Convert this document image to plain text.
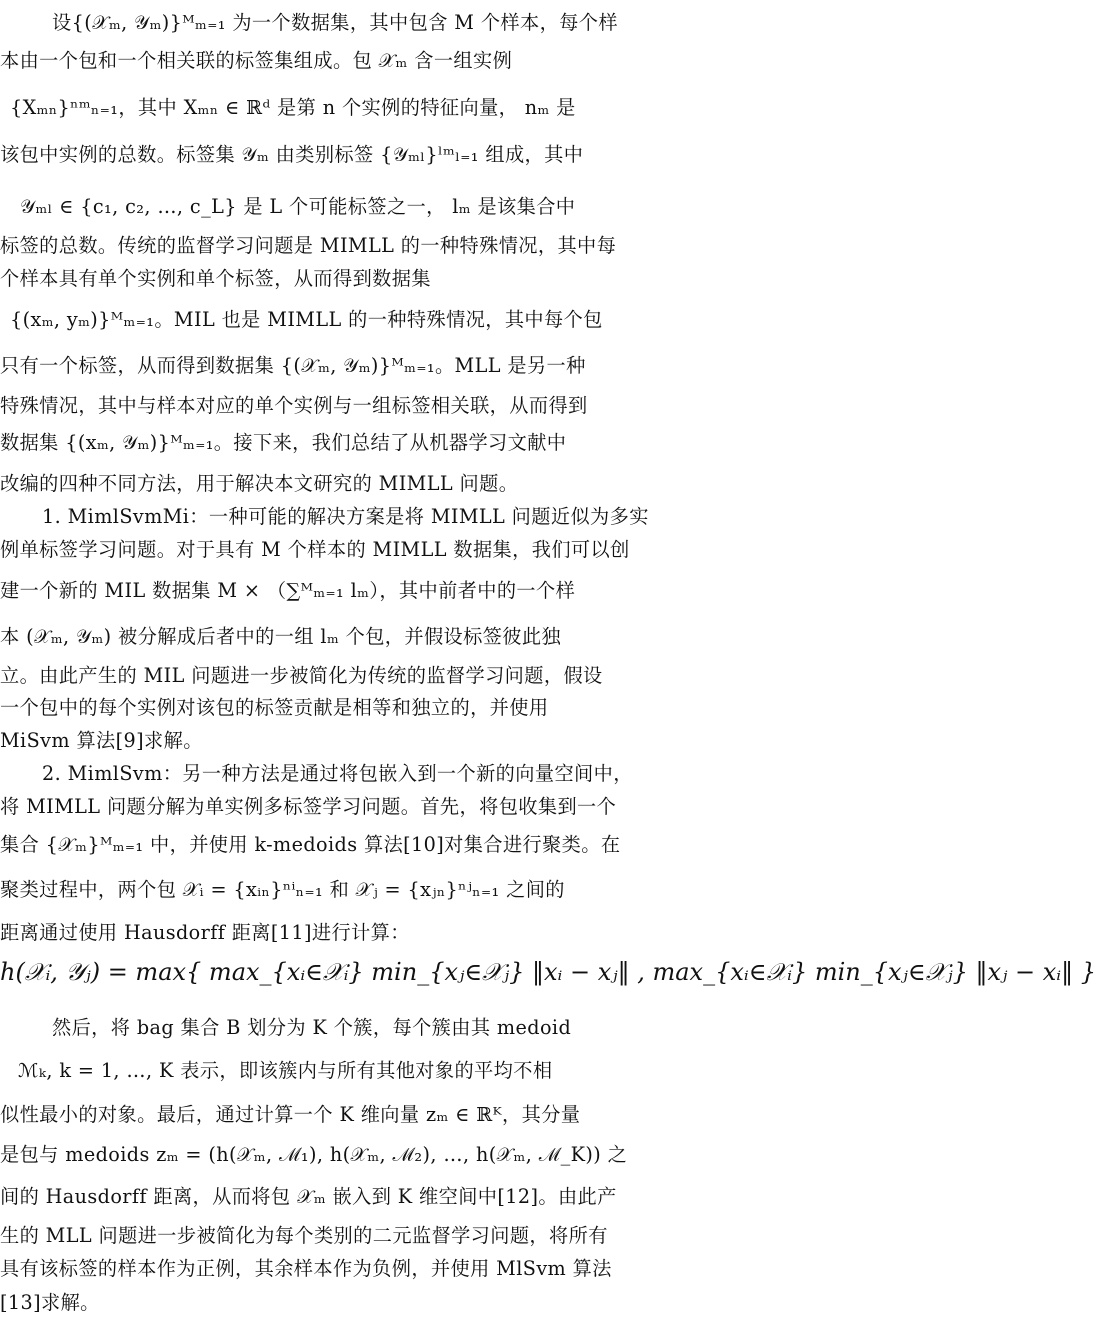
设{(𝒳ₘ, 𝒴ₘ)}ᴹₘ₌₁ 为一个数据集，其中包含 M 个样本，每个样
本由一个包和一个相关联的标签集组成。包 𝒳ₘ 含一组实例
{Xₘₙ}ⁿᵐₙ₌₁，其中 Xₘₙ ∈ ℝᵈ 是第 n 个实例的特征向量， nₘ 是
该包中实例的总数。标签集 𝒴ₘ 由类别标签 {𝒴ₘₗ}ˡᵐₗ₌₁ 组成，其中
𝒴ₘₗ ∈ {c₁, c₂, …, c_L} 是 L 个可能标签之一， lₘ 是该集合中
标签的总数。传统的监督学习问题是 MIMLL 的一种特殊情况，其中每
个样本具有单个实例和单个标签，从而得到数据集
{(xₘ, yₘ)}ᴹₘ₌₁。MIL 也是 MIMLL 的一种特殊情况，其中每个包
只有一个标签，从而得到数据集 {(𝒳ₘ, 𝒴ₘ)}ᴹₘ₌₁。MLL 是另一种
特殊情况，其中与样本对应的单个实例与一组标签相关联，从而得到
数据集 {(xₘ, 𝒴ₘ)}ᴹₘ₌₁。接下来，我们总结了从机器学习文献中
改编的四种不同方法，用于解决本文研究的 MIMLL 问题。
1. MimlSvmMi：一种可能的解决方案是将 MIMLL 问题近似为多实
例单标签学习问题。对于具有 M 个样本的 MIMLL 数据集，我们可以创
建一个新的 MIL 数据集 M × （∑ᴹₘ₌₁ lₘ），其中前者中的一个样
本 (𝒳ₘ, 𝒴ₘ) 被分解成后者中的一组 lₘ 个包，并假设标签彼此独
立。由此产生的 MIL 问题进一步被简化为传统的监督学习问题，假设
一个包中的每个实例对该包的标签贡献是相等和独立的，并使用
MiSvm 算法[9]求解。
2. MimlSvm：另一种方法是通过将包嵌入到一个新的向量空间中，
将 MIMLL 问题分解为单实例多标签学习问题。首先，将包收集到一个
集合 {𝒳ₘ}ᴹₘ₌₁ 中，并使用 k-medoids 算法[10]对集合进行聚类。在
聚类过程中，两个包 𝒳ᵢ = {xᵢₙ}ⁿⁱₙ₌₁ 和 𝒳ⱼ = {xⱼₙ}ⁿʲₙ₌₁ 之间的
距离通过使用 Hausdorff 距离[11]进行计算：
然后，将 bag 集合 B 划分为 K 个簇，每个簇由其 medoid
ℳₖ, k = 1, …, K 表示，即该簇内与所有其他对象的平均不相
似性最小的对象。最后，通过计算一个 K 维向量 zₘ ∈ ℝᴷ，其分量
是包与 medoids zₘ = (h(𝒳ₘ, ℳ₁), h(𝒳ₘ, ℳ₂), …, h(𝒳ₘ, ℳ_K)) 之
间的 Hausdorff 距离，从而将包 𝒳ₘ 嵌入到 K 维空间中[12]。由此产
生的 MLL 问题进一步被简化为每个类别的二元监督学习问题，将所有
具有该标签的样本作为正例，其余样本作为负例，并使用 MlSvm 算法
[13]求解。
h(𝒳ᵢ, 𝒴ⱼ) = max{ max_{xᵢ∈𝒳ᵢ} min_{xⱼ∈𝒳ⱼ} ‖xᵢ − xⱼ‖ , max_{xᵢ∈𝒳ᵢ} min_{xⱼ∈𝒳ⱼ} ‖xⱼ − xᵢ‖ }
